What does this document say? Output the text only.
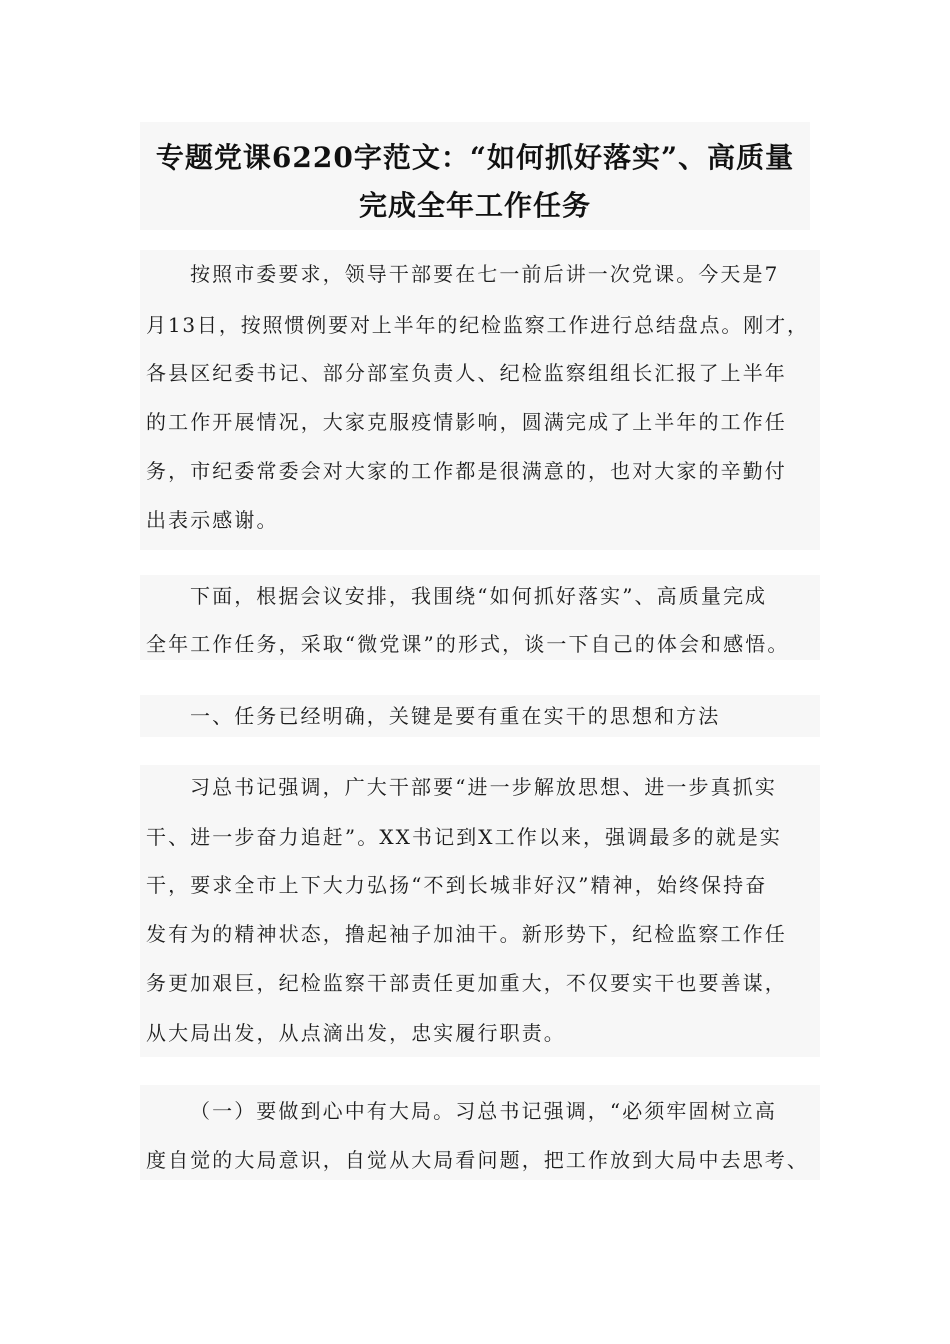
专题党课6220字范文：“如何抓好落实”、高质量
完成全年工作任务
按照市委要求，领导干部要在七一前后讲一次党课。今天是7
月13日，按照惯例要对上半年的纪检监察工作进行总结盘点。刚才，
各县区纪委书记、部分部室负责人、纪检监察组组长汇报了上半年
的工作开展情况，大家克服疫情影响，圆满完成了上半年的工作任
务，市纪委常委会对大家的工作都是很满意的，也对大家的辛勤付
出表示感谢。
下面，根据会议安排，我围绕“如何抓好落实”、高质量完成
全年工作任务，采取“微党课”的形式，谈一下自己的体会和感悟。
一、任务已经明确，关键是要有重在实干的思想和方法
习总书记强调，广大干部要“进一步解放思想、进一步真抓实
干、进一步奋力追赶”。XX书记到X工作以来，强调最多的就是实
干，要求全市上下大力弘扬“不到长城非好汉”精神，始终保持奋
发有为的精神状态，撸起袖子加油干。新形势下，纪检监察工作任
务更加艰巨，纪检监察干部责任更加重大，不仅要实干也要善谋，
从大局出发，从点滴出发，忠实履行职责。
（一）要做到心中有大局。习总书记强调，“必须牢固树立高
度自觉的大局意识，自觉从大局看问题，把工作放到大局中去思考、
